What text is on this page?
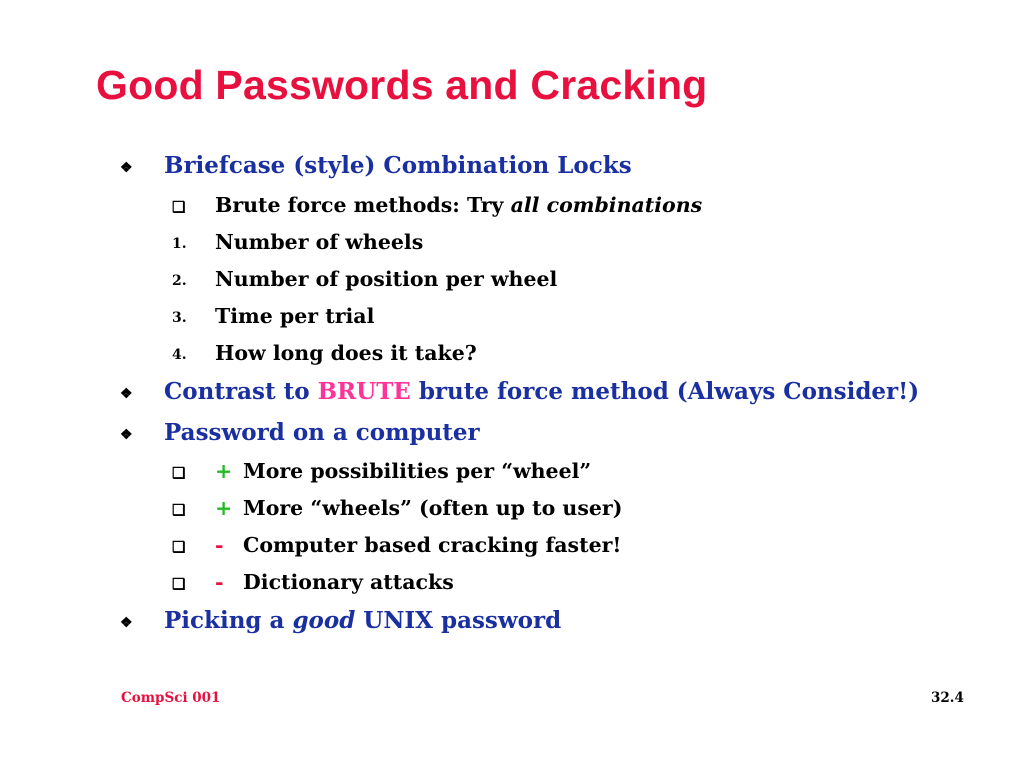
Good Passwords and Cracking
❖ Briefcase (style) Combination Locks
❑ Brute force methods: Try all combinations
1. Number of wheels
2. Number of position per wheel
3. Time per trial
4. How long does it take?
❖ Contrast to BRUTE brute force method (Always Consider!)
❖ Password on a computer
❑ + More possibilities per “wheel”
❑ + More “wheels” (often up to user)
❑ - Computer based cracking faster!
❑ - Dictionary attacks
❖ Picking a good UNIX password
CompSci 001	32.4
